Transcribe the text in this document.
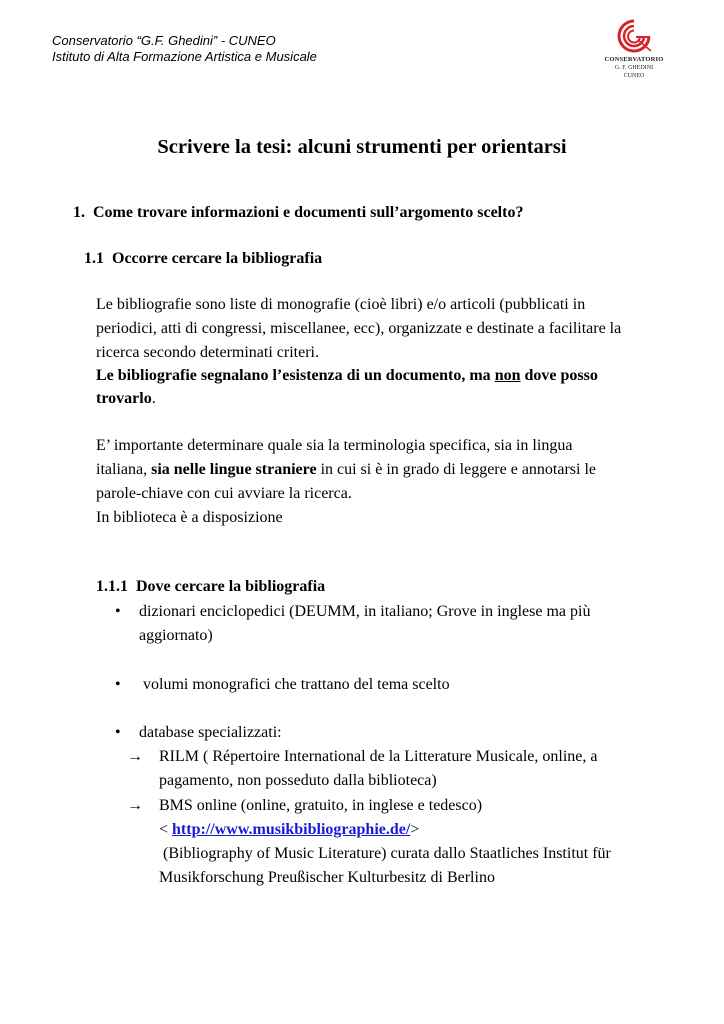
Conservatorio “G.F. Ghedini” - CUNEO
Istituto di Alta Formazione Artistica e Musicale	CONSERVATORIO
G. F. GHEDINI
CUNEO
Scrivere la tesi: alcuni strumenti per orientarsi
1. Come trovare informazioni e documenti sull’argomento scelto?
1.1 Occorre cercare la bibliografia
Le bibliografie sono liste di monografie (cioè libri) e/o articoli (pubblicati in
periodici, atti di congressi, miscellanee, ecc), organizzate e destinate a facilitare la
ricerca secondo determinati criteri.
Le bibliografie segnalano l’esistenza di un documento, ma non dove posso
trovarlo.
E’ importante determinare quale sia la terminologia specifica, sia in lingua
italiana, sia nelle lingue straniere in cui si è in grado di leggere e annotarsi le
parole-chiave con cui avviare la ricerca.
In biblioteca è a disposizione
1.1.1 Dove cercare la bibliografia
• dizionari enciclopedici (DEUMM, in italiano; Grove in inglese ma più
aggiornato)
• volumi monografici che trattano del tema scelto
• database specializzati:
→ RILM ( Répertoire International de la Litterature Musicale, online, a
pagamento, non posseduto dalla biblioteca)
→ BMS online (online, gratuito, in inglese e tedesco)
< http://www.musikbibliographie.de/>
(Bibliography of Music Literature) curata dallo Staatliches Institut für
Musikforschung Preußischer Kulturbesitz di Berlino
